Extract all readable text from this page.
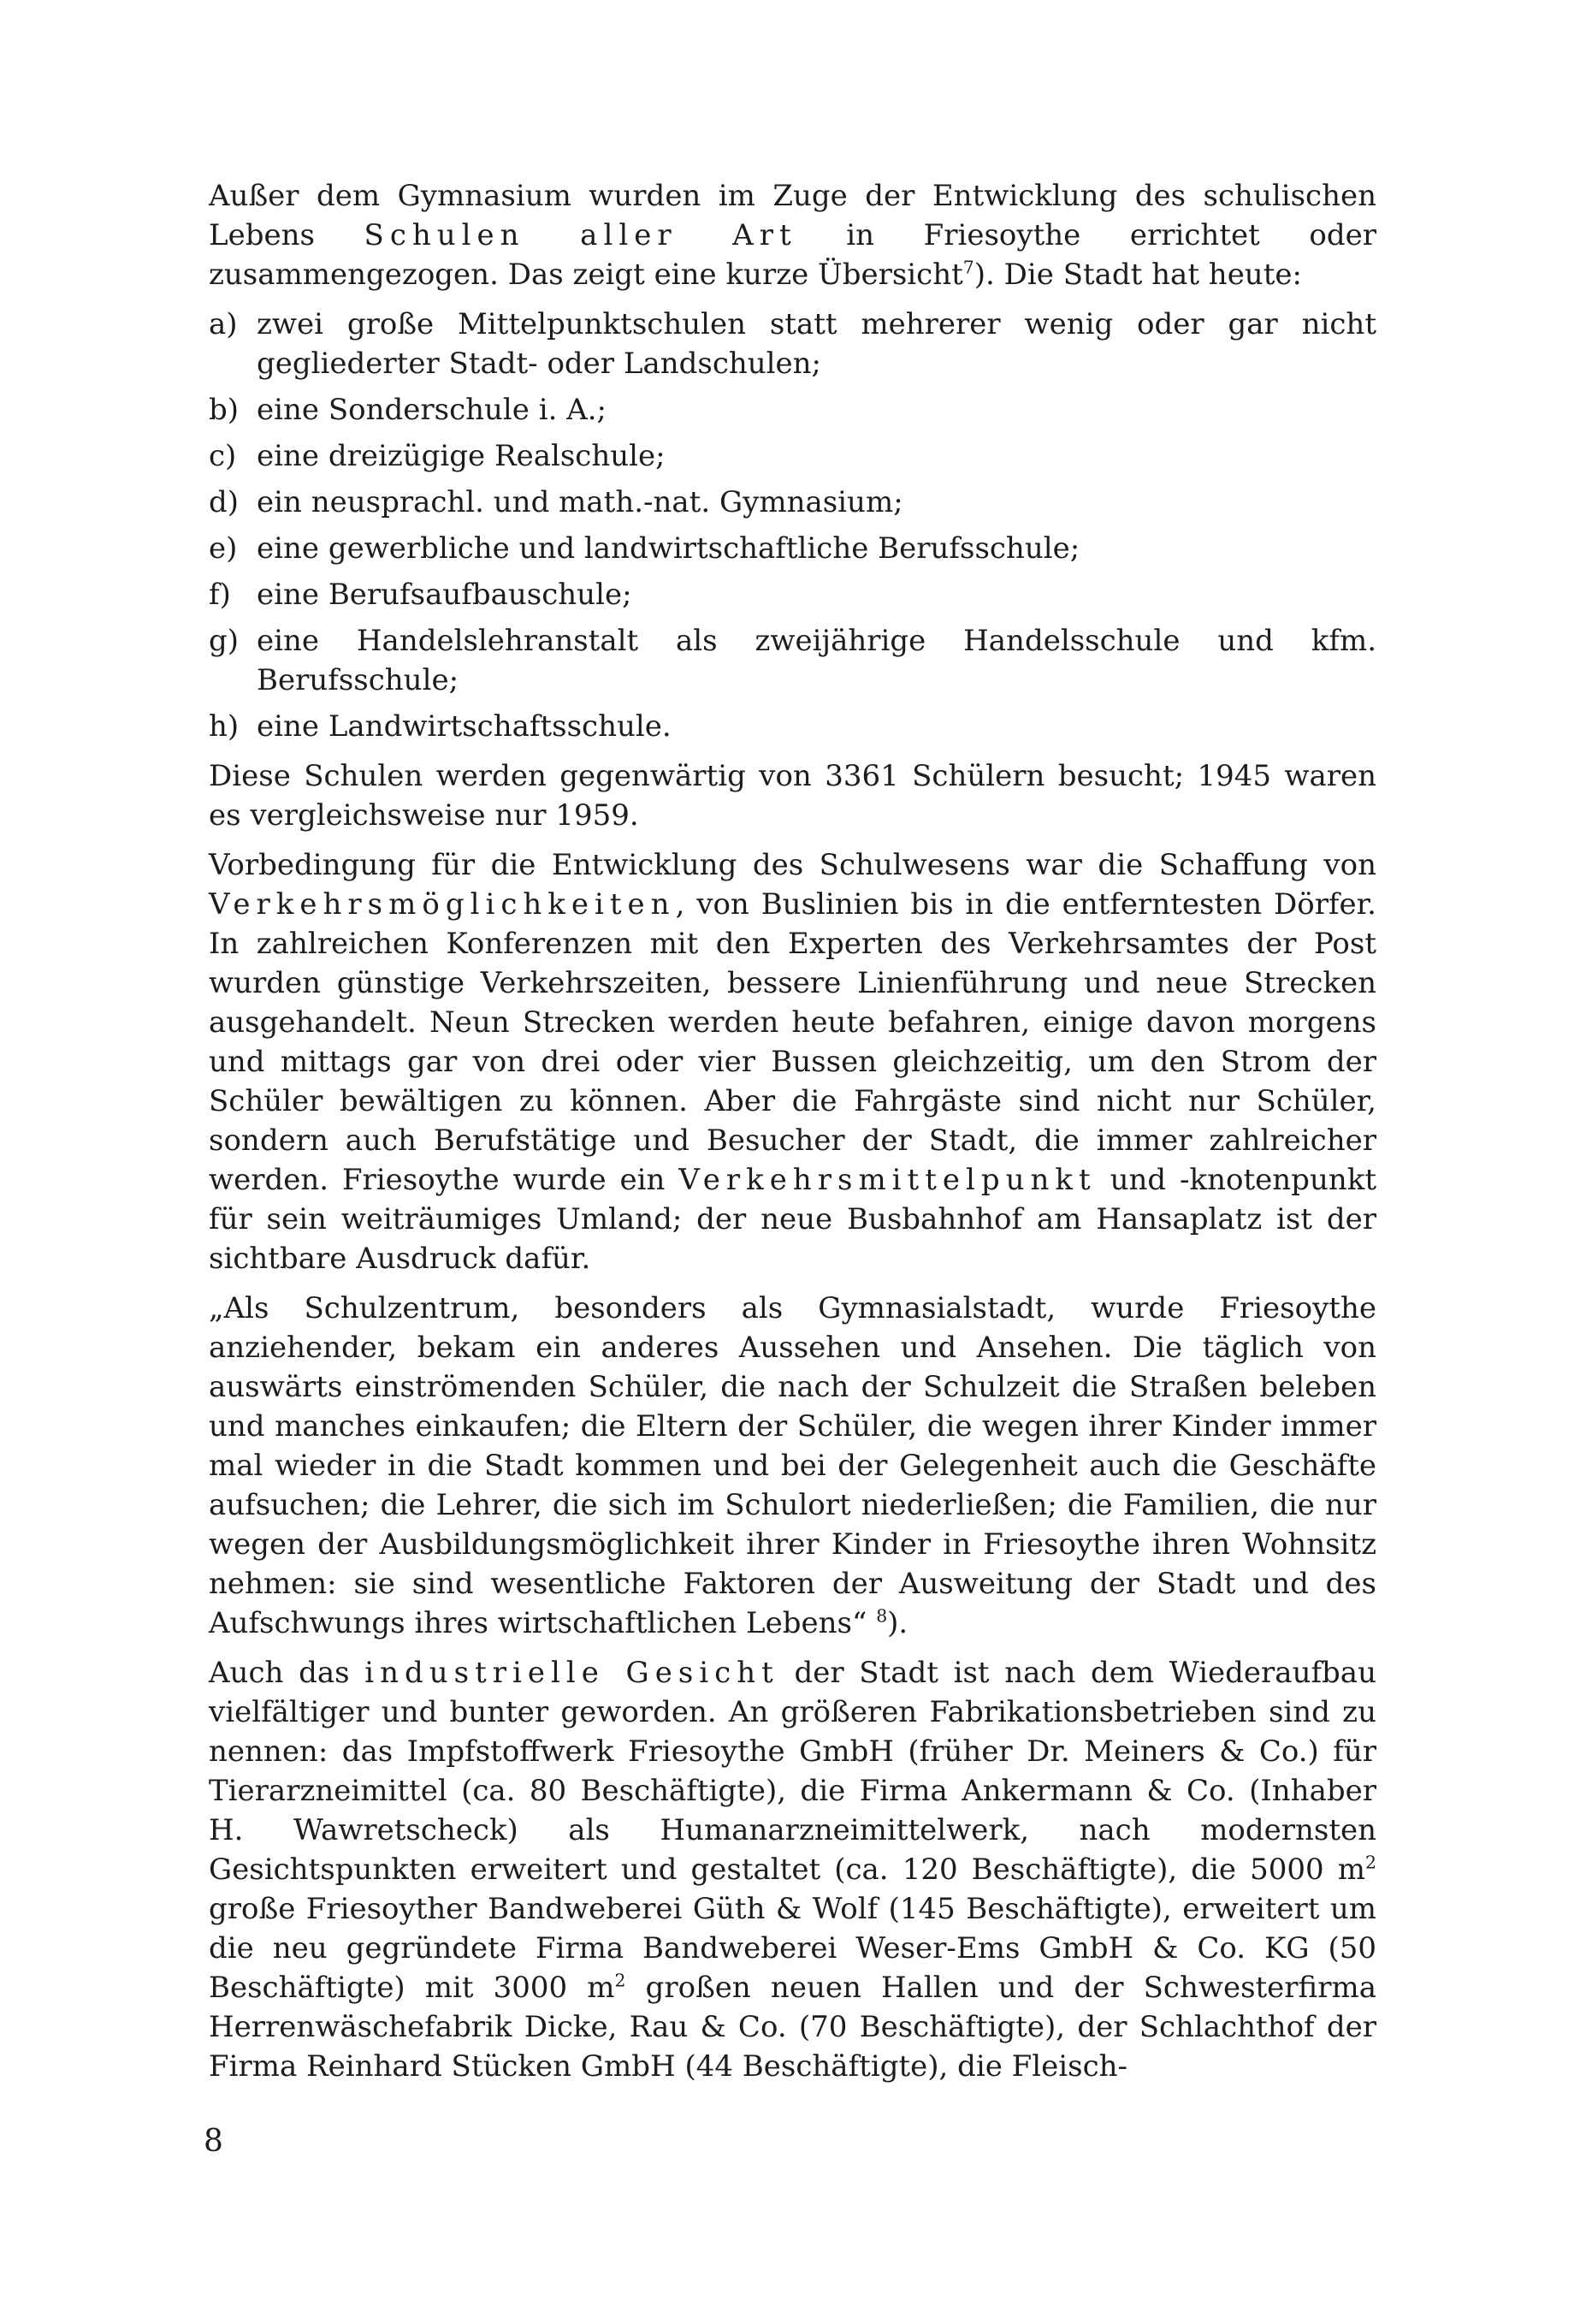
Außer dem Gymnasium wurden im Zuge der Entwicklung des schulischen Lebens Schulen aller Art in Friesoythe errichtet oder zusammengezogen. Das zeigt eine kurze Übersicht$^7$). Die Stadt hat heute:

a) zwei große Mittelpunktschulen statt mehrerer wenig oder gar nicht gegliederter Stadt- oder Landschulen;
b) eine Sonderschule i. A.;
c) eine dreizügige Realschule;
d) ein neusprachl. und math.-nat. Gymnasium;
e) eine gewerbliche und landwirtschaftliche Berufsschule;
f) eine Berufsaufbauschule;
g) eine Handelslehranstalt als zweijährige Handelsschule und kfm. Berufsschule;
h) eine Landwirtschaftsschule.

Diese Schulen werden gegenwärtig von 3361 Schülern besucht; 1945 waren es vergleichsweise nur 1959.

Vorbedingung für die Entwicklung des Schulwesens war die Schaffung von Verkehrsmöglichkeiten, von Buslinien bis in die entferntesten Dörfer. In zahlreichen Konferenzen mit den Experten des Verkehrsamtes der Post wurden günstige Verkehrszeiten, bessere Linienführung und neue Strecken ausgehandelt. Neun Strecken werden heute befahren, einige davon morgens und mittags gar von drei oder vier Bussen gleichzeitig, um den Strom der Schüler bewältigen zu können. Aber die Fahrgäste sind nicht nur Schüler, sondern auch Berufstätige und Besucher der Stadt, die immer zahlreicher werden. Friesoythe wurde ein Verkehrsmittelpunkt und -knotenpunkt für sein weiträumiges Umland; der neue Busbahnhof am Hansaplatz ist der sichtbare Ausdruck dafür.

„Als Schulzentrum, besonders als Gymnasialstadt, wurde Friesoythe anziehender, bekam ein anderes Aussehen und Ansehen. Die täglich von auswärts einströmenden Schüler, die nach der Schulzeit die Straßen beleben und manches einkaufen; die Eltern der Schüler, die wegen ihrer Kinder immer mal wieder in die Stadt kommen und bei der Gelegenheit auch die Geschäfte aufsuchen; die Lehrer, die sich im Schulort niederließen; die Familien, die nur wegen der Ausbildungsmöglichkeit ihrer Kinder in Friesoythe ihren Wohnsitz nehmen: sie sind wesentliche Faktoren der Ausweitung der Stadt und des Aufschwungs ihres wirtschaftlichen Lebens“ $^8$).

Auch das industrielle Gesicht der Stadt ist nach dem Wiederaufbau vielfältiger und bunter geworden. An größeren Fabrikationsbetrieben sind zu nennen: das Impfstoffwerk Friesoythe GmbH (früher Dr. Meiners & Co.) für Tierarzneimittel (ca. 80 Beschäftigte), die Firma Ankermann & Co. (Inhaber H. Wawretscheck) als Humanarzneimittelwerk, nach modernsten Gesichtspunkten erweitert und gestaltet (ca. 120 Beschäftigte), die 5000 $m^2$ große Friesoyther Bandweberei Güth & Wolf (145 Beschäftigte), erweitert um die neu gegründete Firma Bandweberei Weser-Ems GmbH & Co. KG (50 Beschäftigte) mit 3000 $m^2$ großen neuen Hallen und der Schwesterfirma Herrenwäschefabrik Dicke, Rau & Co. (70 Beschäftigte), der Schlachthof der Firma Reinhard Stücken GmbH (44 Beschäftigte), die Fleisch-

8
